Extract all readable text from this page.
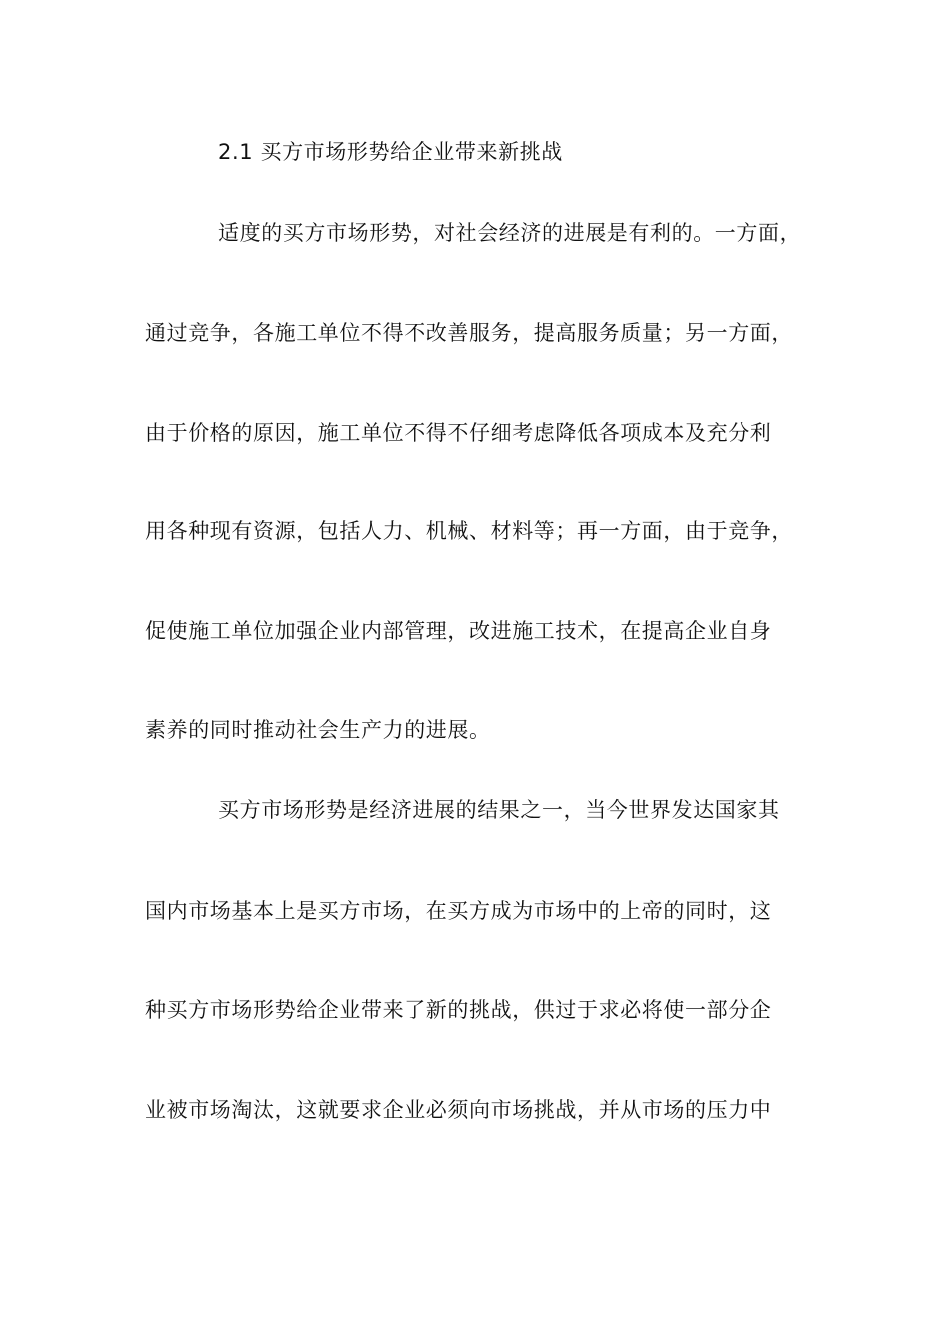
2.1 买方市场形势给企业带来新挑战

适度的买方市场形势，对社会经济的进展是有利的。一方面，

通过竞争，各施工单位不得不改善服务，提高服务质量；另一方面，

由于价格的原因，施工单位不得不仔细考虑降低各项成本及充分利

用各种现有资源，包括人力、机械、材料等；再一方面，由于竞争，

促使施工单位加强企业内部管理，改进施工技术，在提高企业自身

素养的同时推动社会生产力的进展。

买方市场形势是经济进展的结果之一，当今世界发达国家其

国内市场基本上是买方市场，在买方成为市场中的上帝的同时，这

种买方市场形势给企业带来了新的挑战，供过于求必将使一部分企

业被市场淘汰，这就要求企业必须向市场挑战，并从市场的压力中
